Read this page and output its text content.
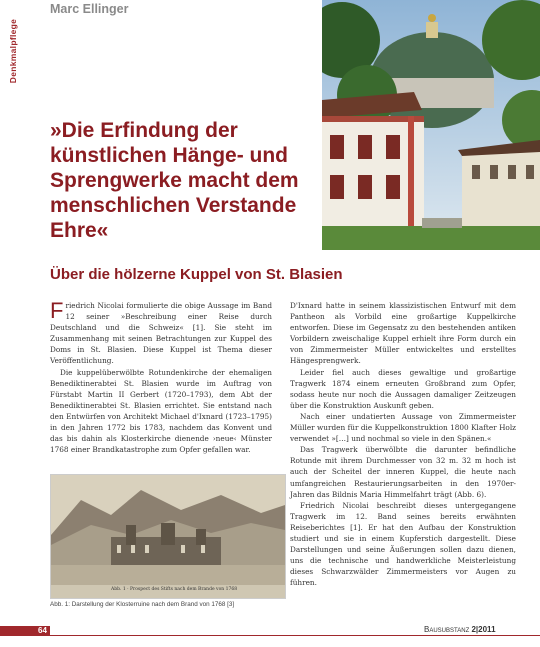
Denkmalpflege
Marc Ellinger
»Die Erfindung der künstlichen Hänge- und Sprengwerke macht dem menschlichen Verstande Ehre«
Über die hölzerne Kuppel von St. Blasien

Friedrich Nicolai formulierte die obige Aussage im Band 12 seiner »Beschreibung einer Reise durch Deutschland und die Schweiz« [1]. Sie steht im Zusammenhang mit seinen Betrachtungen zur Kuppel des Doms in St. Blasien. Diese Kuppel ist Thema dieser Veröffentlichung.

Die kuppelüberwölbte Rotundenkirche der ehemaligen Benediktinerabtei St. Blasien wurde im Auftrag von Fürstabt Martin II Gerbert (1720–1793), dem Abt der Benediktinerabtei St. Blasien errichtet. Sie entstand nach den Entwürfen von Architekt Michael d'Ixnard (1723–1795) in den Jahren 1772 bis 1783, nachdem das Konvent und das bis dahin als Klosterkirche dienende ›neue‹ Münster 1768 einer Brandkatastrophe zum Opfer gefallen war.

D'Ixnard hatte in seinem klassizistischen Entwurf mit dem Pantheon als Vorbild eine großartige Kuppelkirche entworfen. Diese im Gegensatz zu den bestehenden antiken Vorbildern zweischalige Kuppel erhielt ihre Form durch ein von Zimmermeister Müller entwickeltes und erstelltes Hängesprengwerk.

Leider fiel auch dieses gewaltige und großartige Tragwerk 1874 einem erneuten Großbrand zum Opfer, sodass heute nur noch die Aussagen damaliger Zeitzeugen über die Konstruktion Auskunft geben.

Nach einer undatierten Aussage von Zimmermeister Müller wurden für die Kuppelkonstruktion 1800 Klafter Holz verwendet »[…] und nochmal so viele in den Spänen.«

Das Tragwerk überwölbte die darunter befindliche Rotunde mit ihrem Durchmesser von 32 m. 32 m hoch ist auch der Scheitel der inneren Kuppel, die heute nach umfangreichen Restaurierungsarbeiten in den 1970er-Jahren das Bildnis Maria Himmelfahrt trägt (Abb. 6).

Friedrich Nicolai beschreibt dieses untergegangene Tragwerk im 12. Band seines bereits erwähnten Reiseberichtes [1]. Er hat den Aufbau der Konstruktion studiert und sie in einem Kupferstich dargestellt. Diese Darstellungen und seine Äußerungen sollen dazu dienen, uns die technische und handwerkliche Meisterleistung dieses Schwarzwälder Zimmermeisters vor Augen zu führen.

Abb. 1 · Prospect des Stifts nach dem Brande von 1768
Abb. 1: Darstellung der Klosterruine nach dem Brand von 1768 [3]
64	Bausubstanz 2|2011
